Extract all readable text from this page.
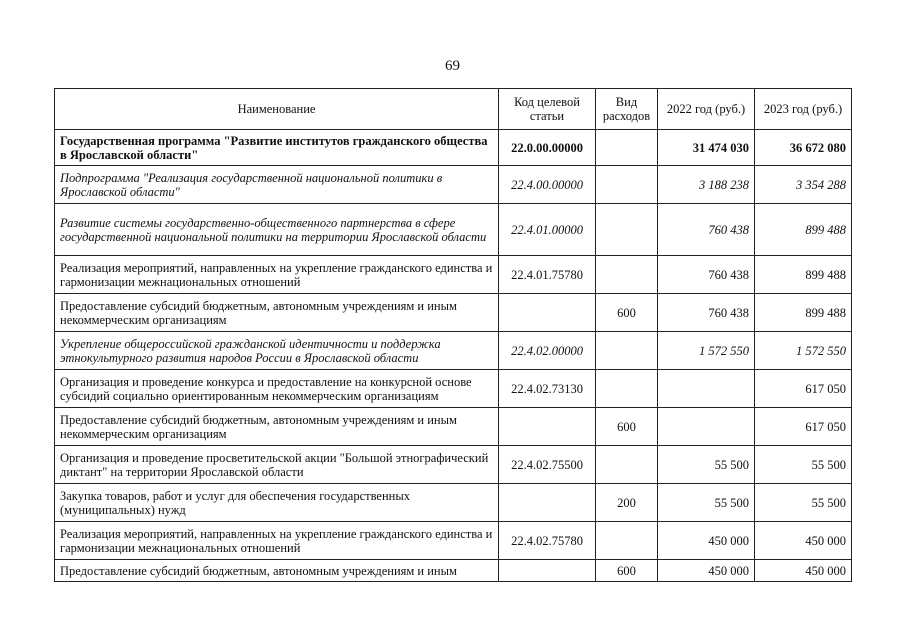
69
Наименование	Код целевой статьи	Вид расходов	2022 год (руб.)	2023 год (руб.)
Государственная программа "Развитие институтов гражданского общества в Ярославской области"	22.0.00.00000		31 474 030	36 672 080
Подпрограмма "Реализация государственной национальной политики в Ярославской области"	22.4.00.00000		3 188 238	3 354 288
Развитие системы государственно-общественного партнерства в сфере государственной национальной политики на территории Ярославской области	22.4.01.00000		760 438	899 488
Реализация мероприятий, направленных на укрепление гражданского единства и гармонизации межнациональных отношений	22.4.01.75780		760 438	899 488
Предоставление субсидий бюджетным, автономным учреждениям и иным некоммерческим организациям		600	760 438	899 488
Укрепление общероссийской гражданской идентичности и поддержка этнокультурного развития народов России в Ярославской области	22.4.02.00000		1 572 550	1 572 550
Организация и проведение конкурса и предоставление на конкурсной основе субсидий социально ориентированным некоммерческим организациям	22.4.02.73130			617 050
Предоставление субсидий бюджетным, автономным учреждениям и иным некоммерческим организациям		600		617 050
Организация и проведение просветительской акции "Большой этнографический диктант" на территории Ярославской области	22.4.02.75500		55 500	55 500
Закупка товаров, работ и услуг для обеспечения государственных (муниципальных) нужд		200	55 500	55 500
Реализация мероприятий, направленных на укрепление гражданского единства и гармонизации межнациональных отношений	22.4.02.75780		450 000	450 000
Предоставление субсидий бюджетным, автономным учреждениям и иным		600	450 000	450 000
